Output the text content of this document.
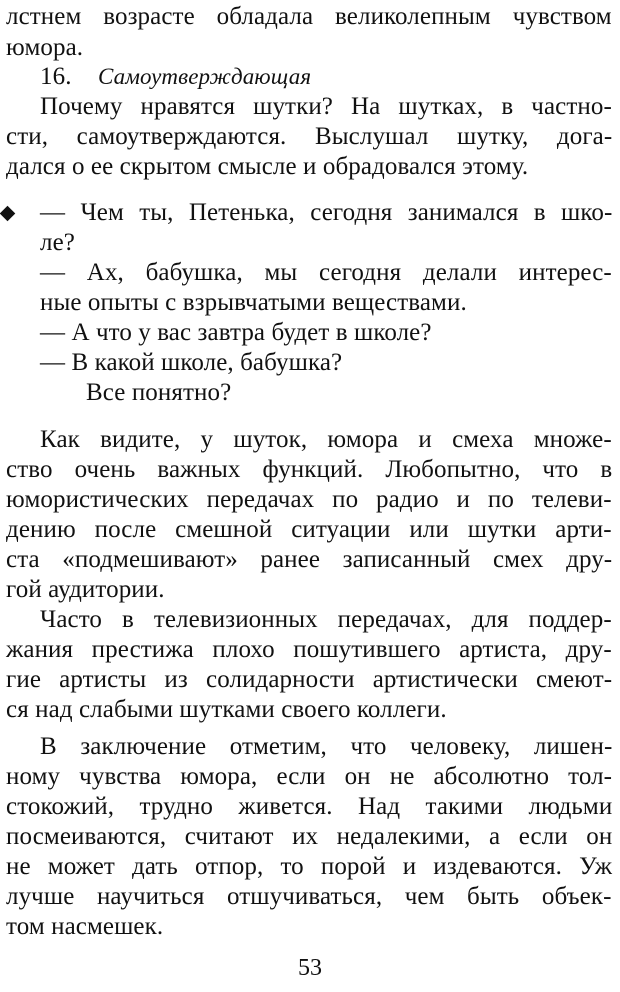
лстнем возрасте обладала великолепным чувством
юмора.
16. Самоутверждающая
Почему нравятся шутки? На шутках, в частно-
сти, самоутверждаются. Выслушал шутку, дога-
дался о ее скрытом смысле и обрадовался этому.
— Чем ты, Петенька, сегодня занимался в шко-
ле?
— Ах, бабушка, мы сегодня делали интерес-
ные опыты с взрывчатыми веществами.
— А что у вас завтра будет в школе?
— В какой школе, бабушка?
Все понятно?
Как видите, у шуток, юмора и смеха множе-
ство очень важных функций. Любопытно, что в
юмористических передачах по радио и по телеви-
дению после смешной ситуации или шутки арти-
ста «подмешивают» ранее записанный смех дру-
гой аудитории.
Часто в телевизионных передачах, для поддер-
жания престижа плохо пошутившего артиста, дру-
гие артисты из солидарности артистически смеют-
ся над слабыми шутками своего коллеги.
В заключение отметим, что человеку, лишен-
ному чувства юмора, если он не абсолютно тол-
стокожий, трудно живется. Над такими людьми
посмеиваются, считают их недалекими, а если он
не может дать отпор, то порой и издеваются. Уж
лучше научиться отшучиваться, чем быть объек-
том насмешек.
53
